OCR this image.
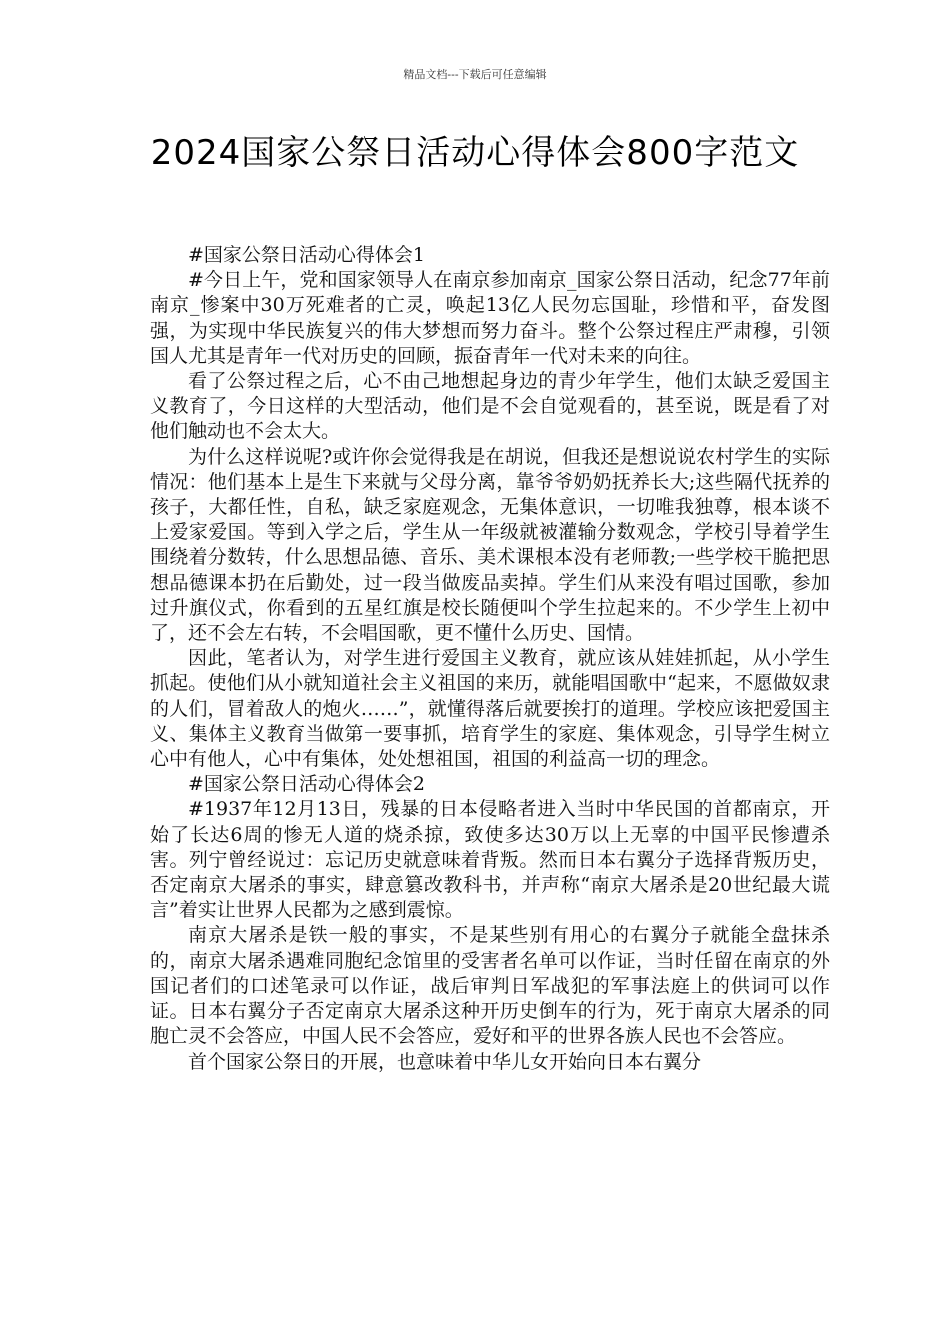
精品文档---下载后可任意编辑
2024国家公祭日活动心得体会800字范文

#国家公祭日活动心得体会1

#今日上午，党和国家领导人在南京参加南京_国家公祭日活动，纪念77年前南京_惨案中30万死难者的亡灵，唤起13亿人民勿忘国耻，珍惜和平，奋发图强，为实现中华民族复兴的伟大梦想而努力奋斗。整个公祭过程庄严肃穆，引领国人尤其是青年一代对历史的回顾，振奋青年一代对未来的向往。

看了公祭过程之后，心不由己地想起身边的青少年学生，他们太缺乏爱国主义教育了，今日这样的大型活动，他们是不会自觉观看的，甚至说，既是看了对他们触动也不会太大。

为什么这样说呢?或许你会觉得我是在胡说，但我还是想说说农村学生的实际情况：他们基本上是生下来就与父母分离，靠爷爷奶奶抚养长大;这些隔代抚养的孩子，大都任性，自私，缺乏家庭观念，无集体意识，一切唯我独尊，根本谈不上爱家爱国。等到入学之后，学生从一年级就被灌输分数观念，学校引导着学生围绕着分数转，什么思想品德、音乐、美术课根本没有老师教;一些学校干脆把思想品德课本扔在后勤处，过一段当做废品卖掉。学生们从来没有唱过国歌，参加过升旗仪式，你看到的五星红旗是校长随便叫个学生拉起来的。不少学生上初中了，还不会左右转，不会唱国歌，更不懂什么历史、国情。

因此，笔者认为，对学生进行爱国主义教育，就应该从娃娃抓起，从小学生抓起。使他们从小就知道社会主义祖国的来历，就能唱国歌中“起来，不愿做奴隶的人们，冒着敌人的炮火……”，就懂得落后就要挨打的道理。学校应该把爱国主义、集体主义教育当做第一要事抓，培育学生的家庭、集体观念，引导学生树立心中有他人，心中有集体，处处想祖国，祖国的利益高一切的理念。

#国家公祭日活动心得体会2

#1937年12月13日，残暴的日本侵略者进入当时中华民国的首都南京，开始了长达6周的惨无人道的烧杀掠，致使多达30万以上无辜的中国平民惨遭杀害。列宁曾经说过：忘记历史就意味着背叛。然而日本右翼分子选择背叛历史，否定南京大屠杀的事实，肆意篡改教科书，并声称“南京大屠杀是20世纪最大谎言”着实让世界人民都为之感到震惊。

南京大屠杀是铁一般的事实，不是某些别有用心的右翼分子就能全盘抹杀的，南京大屠杀遇难同胞纪念馆里的受害者名单可以作证，当时任留在南京的外国记者们的口述笔录可以作证，战后审判日军战犯的军事法庭上的供词可以作证。日本右翼分子否定南京大屠杀这种开历史倒车的行为，死于南京大屠杀的同胞亡灵不会答应，中国人民不会答应，爱好和平的世界各族人民也不会答应。

首个国家公祭日的开展，也意味着中华儿女开始向日本右翼分
